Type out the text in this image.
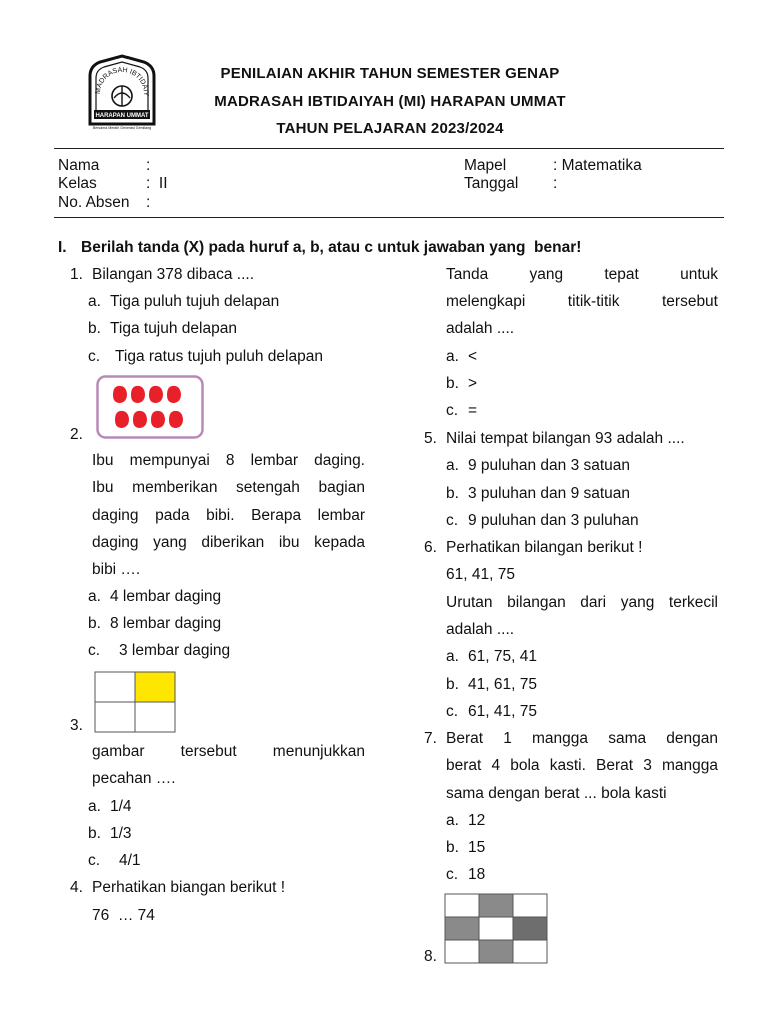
MADRASAH IBTIDAIY
HARAPAN UMMAT
Bersama Meraih Generasi Gemilang
PENILAIAN AKHIR TAHUN SEMESTER GENAP
MADRASAH IBTIDAIYAH (MI) HARAPAN UMMAT
TAHUN PELAJARAN 2023/2024
Nama	:
Kelas	:  II
No. Absen :
Mapel	: Matematika
Tanggal :
I. Berilah tanda (X) pada huruf a, b, atau c untuk jawaban yang  benar!
1. Bilangan 378 dibaca ....
a. Tiga puluh tujuh delapan
b. Tiga tujuh delapan
c. Tiga ratus tujuh puluh delapan
2.
Ibu mempunyai 8 lembar daging.
Ibu memberikan setengah bagian
daging pada bibi. Berapa lembar
daging yang diberikan ibu kepada
bibi ….
a. 4 lembar daging
b. 8 lembar daging
c. 3 lembar daging
3.
gambar    tersebut    menunjukkan
pecahan ….
a. 1/4
b. 1/3
c. 4/1
4. Perhatikan biangan berikut !
76  … 74
Tanda yang tepat untuk
melengkapi titik-titik tersebut
adalah ....
a. <
b. >
c. =
5. Nilai tempat bilangan 93 adalah ....
a. 9 puluhan dan 3 satuan
b. 3 puluhan dan 9 satuan
c. 9 puluhan dan 3 puluhan
6. Perhatikan bilangan berikut !
61, 41, 75
Urutan bilangan dari yang terkecil
adalah ....
a. 61, 75, 41
b. 41, 61, 75
c. 61, 41, 75
7. Berat 1 mangga sama dengan
berat 4 bola kasti. Berat 3 mangga
sama dengan berat ... bola kasti
a. 12
b. 15
c. 18
8.
